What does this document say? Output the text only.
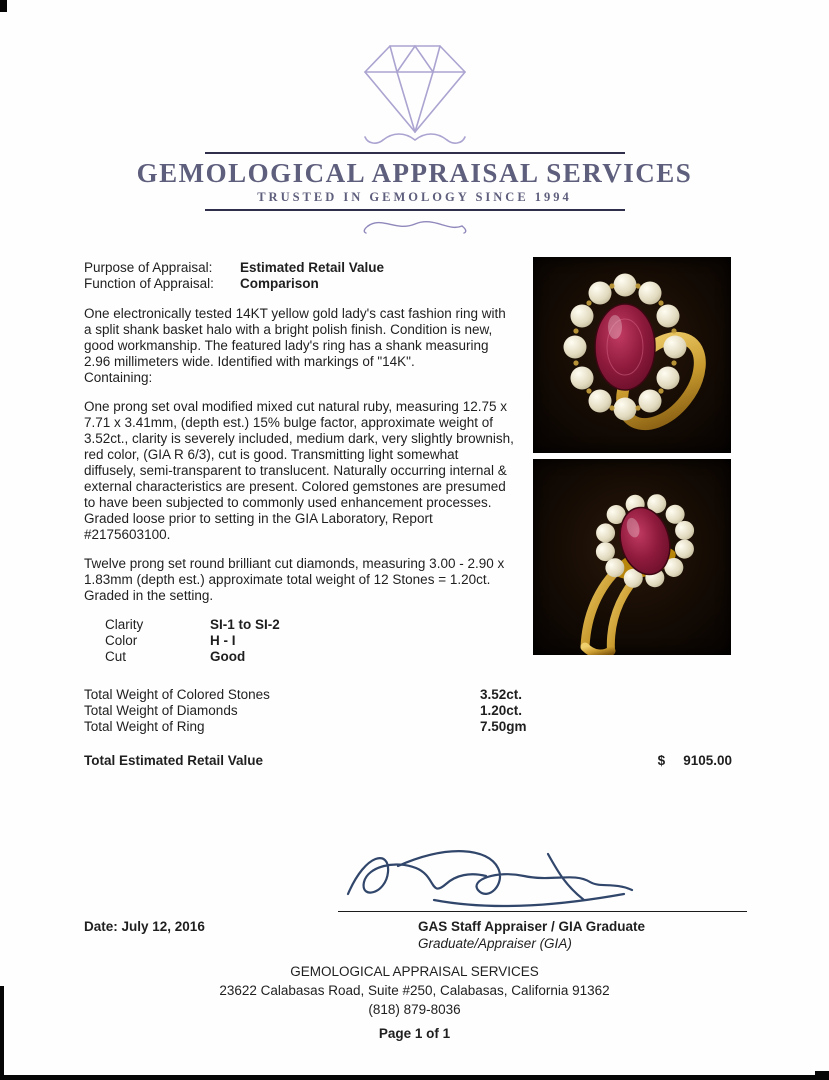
GEMOLOGICAL APPRAISAL SERVICES
TRUSTED IN GEMOLOGY SINCE 1994
Purpose of Appraisal:	Estimated Retail Value
Function of Appraisal:	Comparison

One electronically tested 14KT yellow gold lady's cast fashion ring with a split shank basket halo with a bright polish finish. Condition is new, good workmanship. The featured lady's ring has a shank measuring 2.96 millimeters wide. Identified with markings of "14K".

Containing:

One prong set oval modified mixed cut natural ruby, measuring 12.75 x 7.71 x 3.41mm, (depth est.) 15% bulge factor, approximate weight of 3.52ct., clarity is severely included, medium dark, very slightly brownish, red color, (GIA R 6/3), cut is good. Transmitting light somewhat diffusely, semi-transparent to translucent. Naturally occurring internal & external characteristics are present. Colored gemstones are presumed to have been subjected to commonly used enhancement processes. Graded loose prior to setting in the GIA Laboratory, Report #2175603100.

Twelve prong set round brilliant cut diamonds, measuring 3.00 - 2.90 x 1.83mm (depth est.) approximate total weight of 12 Stones = 1.20ct. Graded in the setting.

Clarity	SI-1 to SI-2
Color	H - I
Cut	Good
Total Weight of Colored Stones	3.52ct.
Total Weight of Diamonds	1.20ct.
Total Weight of Ring	7.50gm
Total Estimated Retail Value	$ 9105.00
Date: July 12, 2016	GAS Staff Appraiser / GIA Graduate
Graduate/Appraiser (GIA)
GEMOLOGICAL APPRAISAL SERVICES
23622 Calabasas Road, Suite #250, Calabasas, California 91362
(818) 879-8036
Page 1 of 1
